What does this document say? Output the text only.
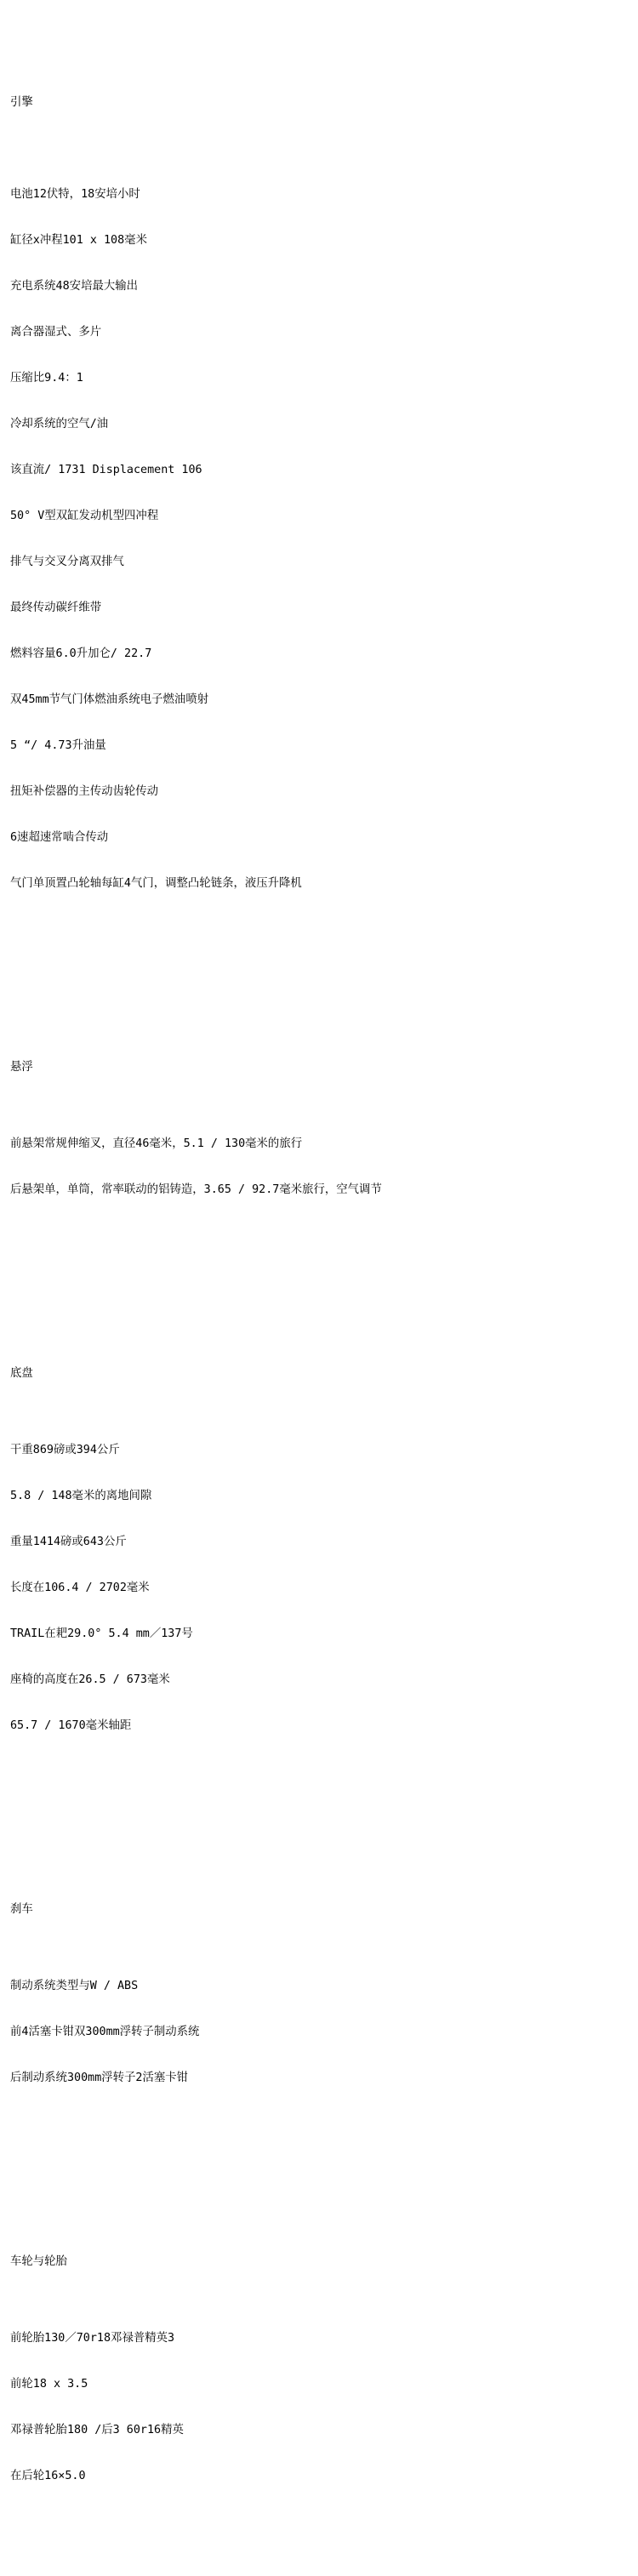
引擎

电池12伏特，18安培小时

缸径x冲程101 x 108毫米

充电系统48安培最大输出

离合器湿式、多片

压缩比9.4：1

冷却系统的空气/油

该直流/ 1731 Displacement 106

50° V型双缸发动机型四冲程

排气与交叉分离双排气

最终传动碳纤维带

燃料容量6.0升加仑/ 22.7

双45mm节气门体燃油系统电子燃油喷射

5 “/ 4.73升油量

扭矩补偿器的主传动齿轮传动

6速超速常啮合传动

气门单顶置凸轮轴每缸4气门，调整凸轮链条，液压升降机

悬浮

前悬架常规伸缩叉，直径46毫米，5.1 / 130毫米的旅行

后悬架单，单筒，常率联动的铝铸造，3.65 / 92.7毫米旅行，空气调节

底盘

干重869磅或394公斤

5.8 / 148毫米的离地间隙

重量1414磅或643公斤

长度在106.4 / 2702毫米

TRAIL在耙29.0° 5.4 mm／137号

座椅的高度在26.5 / 673毫米

65.7 / 1670毫米轴距

刹车

制动系统类型与W / ABS

前4活塞卡钳双300mm浮转子制动系统

后制动系统300mm浮转子2活塞卡钳

车轮与轮胎

前轮胎130／70r18邓禄普精英3

前轮18 x 3.5

邓禄普轮胎180 /后3 60r16精英

在后轮16×5.0
